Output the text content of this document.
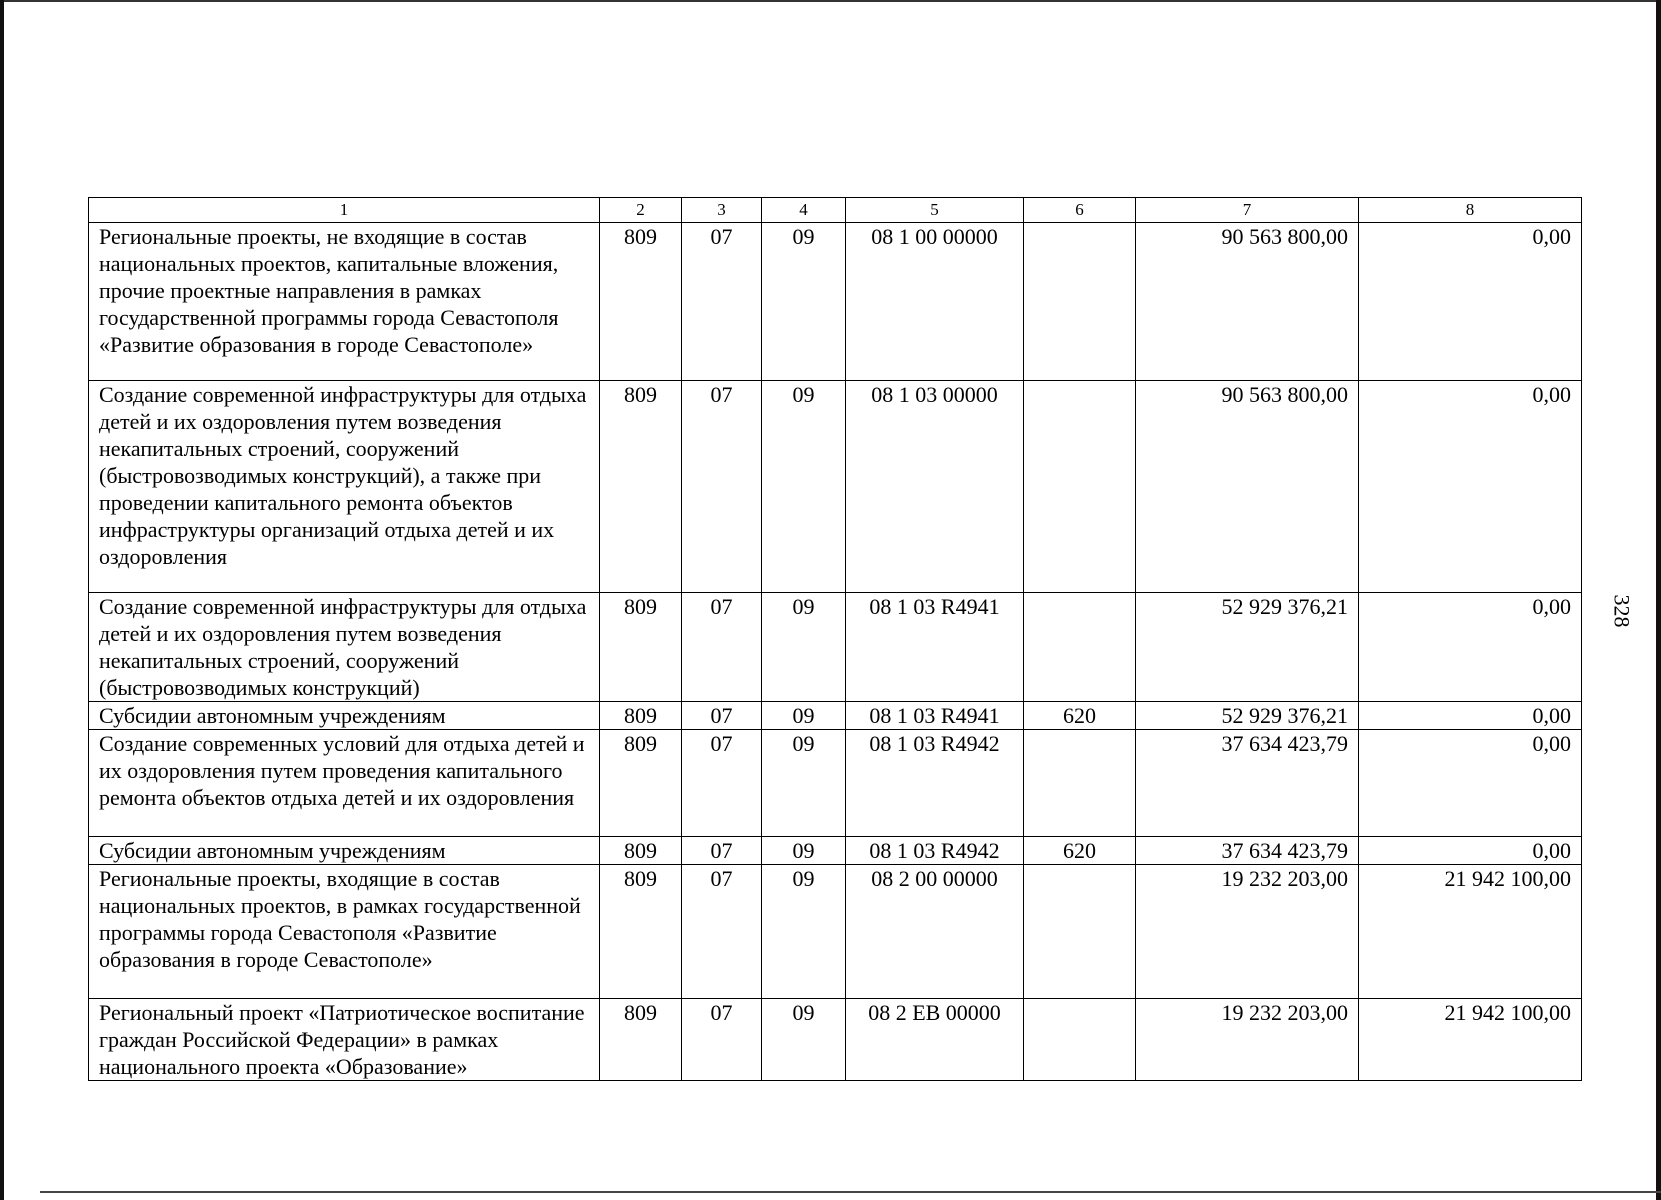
328
1	2	3	4	5	6	7	8
Региональные проекты, не входящие в состав национальных проектов, капитальные вложения, прочие проектные направления в рамках государственной программы города Севастополя «Развитие образования в городе Севастополе»	809	07	09	08 1 00 00000		90 563 800,00	0,00
Создание современной инфраструктуры для отдыха детей и их оздоровления путем возведения некапитальных строений, сооружений (быстровозводимых конструкций), а также при проведении капитального ремонта объектов инфраструктуры организаций отдыха детей и их оздоровления	809	07	09	08 1 03 00000		90 563 800,00	0,00
Создание современной инфраструктуры для отдыха детей и их оздоровления путем возведения некапитальных строений, сооружений (быстровозводимых конструкций)	809	07	09	08 1 03 R4941		52 929 376,21	0,00
Субсидии автономным учреждениям	809	07	09	08 1 03 R4941	620	52 929 376,21	0,00
Создание современных условий для отдыха детей и их оздоровления путем проведения капитального ремонта объектов отдыха детей и их оздоровления	809	07	09	08 1 03 R4942		37 634 423,79	0,00
Субсидии автономным учреждениям	809	07	09	08 1 03 R4942	620	37 634 423,79	0,00
Региональные проекты, входящие в состав национальных проектов, в рамках государственной программы города Севастополя «Развитие образования в городе Севастополе»	809	07	09	08 2 00 00000		19 232 203,00	21 942 100,00
Региональный проект «Патриотическое воспитание граждан Российской Федерации» в рамках национального проекта «Образование»	809	07	09	08 2 EB 00000		19 232 203,00	21 942 100,00
